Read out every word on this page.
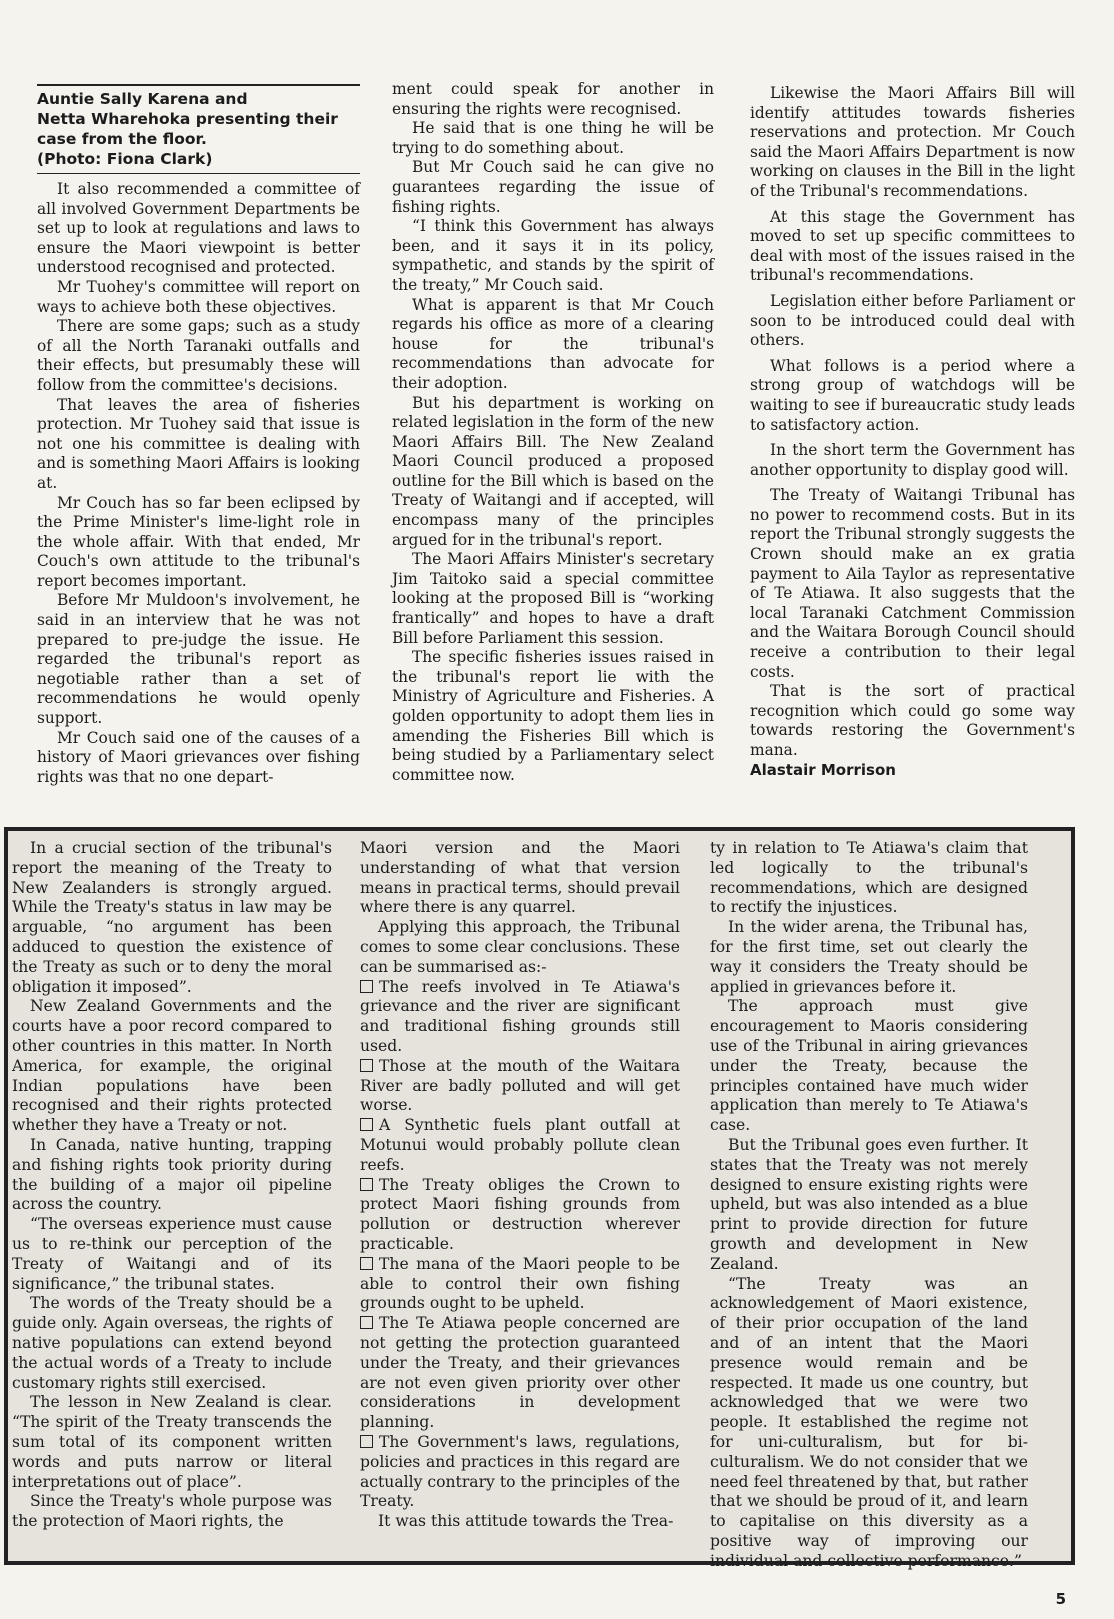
Auntie Sally Karena and
Netta Wharehoka presenting their
case from the floor.
(Photo: Fiona Clark)

It also recommended a committee of all involved Government Departments be set up to look at regulations and laws to ensure the Maori viewpoint is better understood recognised and protected.

Mr Tuohey's committee will report on ways to achieve both these objectives.

There are some gaps; such as a study of all the North Taranaki outfalls and their effects, but presumably these will follow from the committee's decisions.

That leaves the area of fisheries protection. Mr Tuohey said that issue is not one his committee is dealing with and is something Maori Affairs is looking at.

Mr Couch has so far been eclipsed by the Prime Minister's lime-light role in the whole affair. With that ended, Mr Couch's own attitude to the tribunal's report becomes important.

Before Mr Muldoon's involvement, he said in an interview that he was not prepared to pre-judge the issue. He regarded the tribunal's report as negotiable rather than a set of recommendations he would openly support.

Mr Couch said one of the causes of a history of Maori grievances over fishing rights was that no one depart-

ment could speak for another in ensuring the rights were recognised.

He said that is one thing he will be trying to do something about.

But Mr Couch said he can give no guarantees regarding the issue of fishing rights.

“I think this Government has always been, and it says it in its policy, sympathetic, and stands by the spirit of the treaty,” Mr Couch said.

What is apparent is that Mr Couch regards his office as more of a clearing house for the tribunal's recommendations than advocate for their adoption.

But his department is working on related legislation in the form of the new Maori Affairs Bill. The New Zealand Maori Council produced a proposed outline for the Bill which is based on the Treaty of Waitangi and if accepted, will encompass many of the principles argued for in the tribunal's report.

The Maori Affairs Minister's secretary Jim Taitoko said a special committee looking at the proposed Bill is “working frantically” and hopes to have a draft Bill before Parliament this session.

The specific fisheries issues raised in the tribunal's report lie with the Ministry of Agriculture and Fisheries. A golden opportunity to adopt them lies in amending the Fisheries Bill which is being studied by a Parliamentary select committee now.

Likewise the Maori Affairs Bill will identify attitudes towards fisheries reservations and protection. Mr Couch said the Maori Affairs Department is now working on clauses in the Bill in the light of the Tribunal's recommendations.

At this stage the Government has moved to set up specific committees to deal with most of the issues raised in the tribunal's recommendations.

Legislation either before Parliament or soon to be introduced could deal with others.

What follows is a period where a strong group of watchdogs will be waiting to see if bureaucratic study leads to satisfactory action.

In the short term the Government has another opportunity to display good will.

The Treaty of Waitangi Tribunal has no power to recommend costs. But in its report the Tribunal strongly suggests the Crown should make an ex gratia payment to Aila Taylor as representative of Te Atiawa. It also suggests that the local Taranaki Catchment Commission and the Waitara Borough Council should receive a contribution to their legal costs.

That is the sort of practical recognition which could go some way towards restoring the Government's mana.

Alastair Morrison

In a crucial section of the tribunal's report the meaning of the Treaty to New Zealanders is strongly argued. While the Treaty's status in law may be arguable, “no argument has been adduced to question the existence of the Treaty as such or to deny the moral obligation it imposed”.

New Zealand Governments and the courts have a poor record compared to other countries in this matter. In North America, for example, the original Indian populations have been recognised and their rights protected whether they have a Treaty or not.

In Canada, native hunting, trapping and fishing rights took priority during the building of a major oil pipeline across the country.

“The overseas experience must cause us to re-think our perception of the Treaty of Waitangi and of its significance,” the tribunal states.

The words of the Treaty should be a guide only. Again overseas, the rights of native populations can extend beyond the actual words of a Treaty to include customary rights still exercised.

The lesson in New Zealand is clear. “The spirit of the Treaty transcends the sum total of its component written words and puts narrow or literal interpretations out of place”.

Since the Treaty's whole purpose was the protection of Maori rights, the

Maori version and the Maori understanding of what that version means in practical terms, should prevail where there is any quarrel.

Applying this approach, the Tribunal comes to some clear conclusions. These can be summarised as:-

The reefs involved in Te Atiawa's grievance and the river are significant and traditional fishing grounds still used.

Those at the mouth of the Waitara River are badly polluted and will get worse.

A Synthetic fuels plant outfall at Motunui would probably pollute clean reefs.

The Treaty obliges the Crown to protect Maori fishing grounds from pollution or destruction wherever practicable.

The mana of the Maori people to be able to control their own fishing grounds ought to be upheld.

The Te Atiawa people concerned are not getting the protection guaranteed under the Treaty, and their grievances are not even given priority over other considerations in development planning.

The Government's laws, regulations, policies and practices in this regard are actually contrary to the principles of the Treaty.

It was this attitude towards the Trea-

ty in relation to Te Atiawa's claim that led logically to the tribunal's recommendations, which are designed to rectify the injustices.

In the wider arena, the Tribunal has, for the first time, set out clearly the way it considers the Treaty should be applied in grievances before it.

The approach must give encouragement to Maoris considering use of the Tribunal in airing grievances under the Treaty, because the principles contained have much wider application than merely to Te Atiawa's case.

But the Tribunal goes even further. It states that the Treaty was not merely designed to ensure existing rights were upheld, but was also intended as a blue print to provide direction for future growth and development in New Zealand.

“The Treaty was an acknowledgement of Maori existence, of their prior occupation of the land and of an intent that the Maori presence would remain and be respected. It made us one country, but acknowledged that we were two people. It established the regime not for uni-culturalism, but for bi-culturalism. We do not consider that we need feel threatened by that, but rather that we should be proud of it, and learn to capitalise on this diversity as a positive way of improving our individual and collective performance.”

5
